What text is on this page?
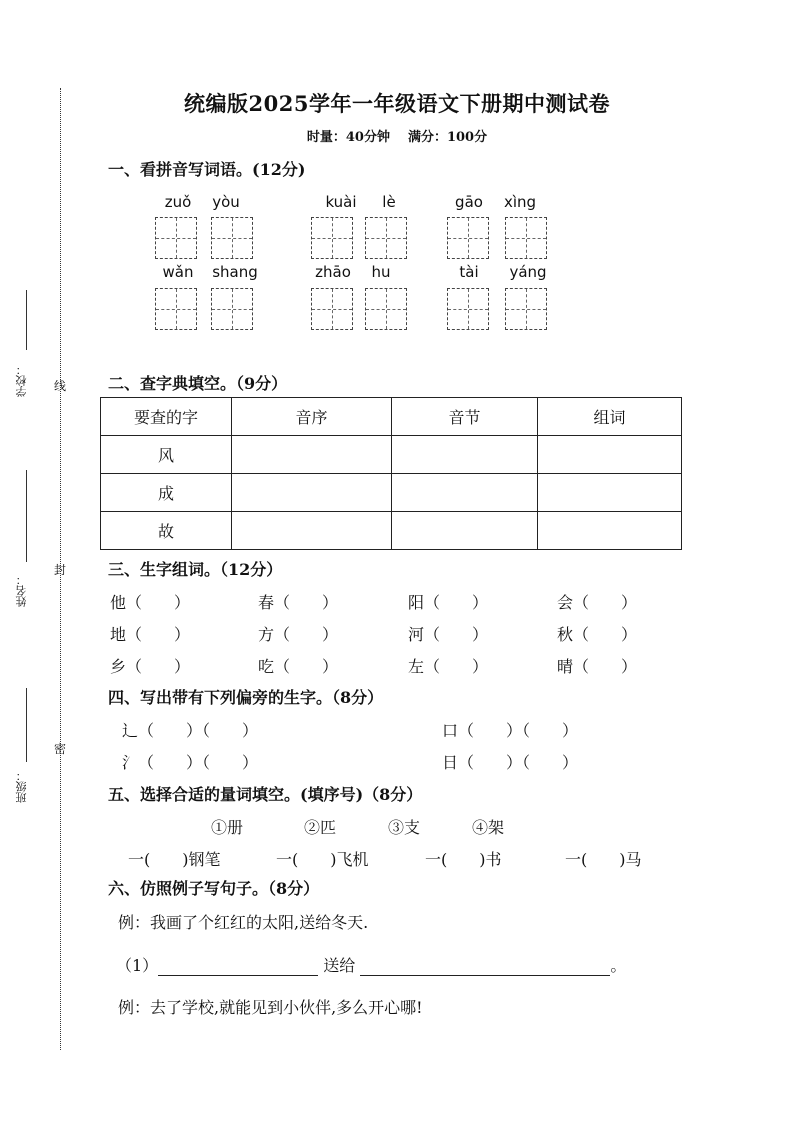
学校： 线
姓名：
封
班级：
密
统编版2025学年一年级语文下册期中测试卷
时量：40分钟 满分：100分
一、看拼音写词语。(12分)
zuǒ	yòu	kuài	lè	gāo	xìng
wǎn	shang	zhāo	hu	tài	yáng
二、查字典填空。（9分）
要查的字	音序	音节	组词
风			
成			
故			
三、生字组词。（12分）
他（　　）	春（　　）	阳（　　）	会（　　）
地（　　）	方（　　）	河（　　）	秋（　　）
乡（　　）	吃（　　）	左（　　）	晴（　　）
四、写出带有下列偏旁的生字。（8分）
辶（　　）（　　）	口（　　）（　　）
氵（　　）（　　）	日（　　）（　　）
五、选择合适的量词填空。(填序号)（8分）
①册	②匹	③支	④架
一(　　)钢笔	一(　　)飞机	一(　　)书	一(　　)马
六、仿照例子写句子。（8分）
例：我画了个红红的太阳,送给冬天.
（1）	送给	。
例：去了学校,就能见到小伙伴,多么开心哪!
